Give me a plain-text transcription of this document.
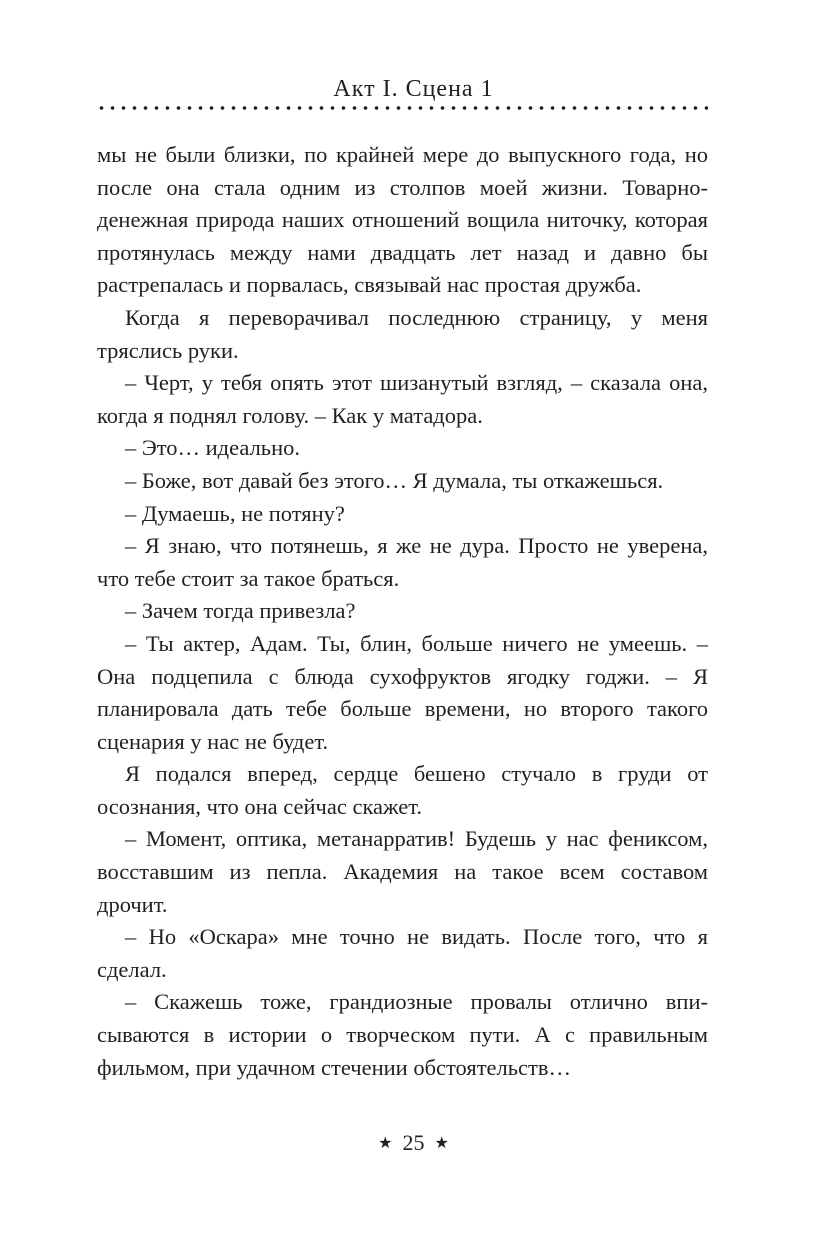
Акт I. Сцена 1

мы не были близки, по крайней мере до выпускного года, но после она стала одним из столпов моей жизни. Товарно-денежная природа наших отношений вощила ниточку, которая протянулась между нами двадцать лет назад и давно бы растрепалась и порвалась, связывай нас простая дружба.

Когда я переворачивал последнюю страницу, у меня тряслись руки.

– Черт, у тебя опять этот шизанутый взгляд, – сказала она, когда я поднял голову. – Как у матадора.

– Это… идеально.

– Боже, вот давай без этого… Я думала, ты откажешься.

– Думаешь, не потяну?

– Я знаю, что потянешь, я же не дура. Просто не уверена, что тебе стоит за такое браться.

– Зачем тогда привезла?

– Ты актер, Адам. Ты, блин, больше ничего не умеешь. – Она подцепила с блюда сухофруктов ягодку годжи. – Я планировала дать тебе больше времени, но второго такого сценария у нас не будет.

Я подался вперед, сердце бешено стучало в груди от осознания, что она сейчас скажет.

– Момент, оптика, метанарратив! Будешь у нас фениксом, восставшим из пепла. Академия на такое всем составом дрочит.

– Но «Оскара» мне точно не видать. После того, что я сделал.

– Скажешь тоже, грандиозные провалы отлично вписываются в истории о творческом пути. А с правильным фильмом, при удачном стечении обстоятельств…

★ 25 ★
